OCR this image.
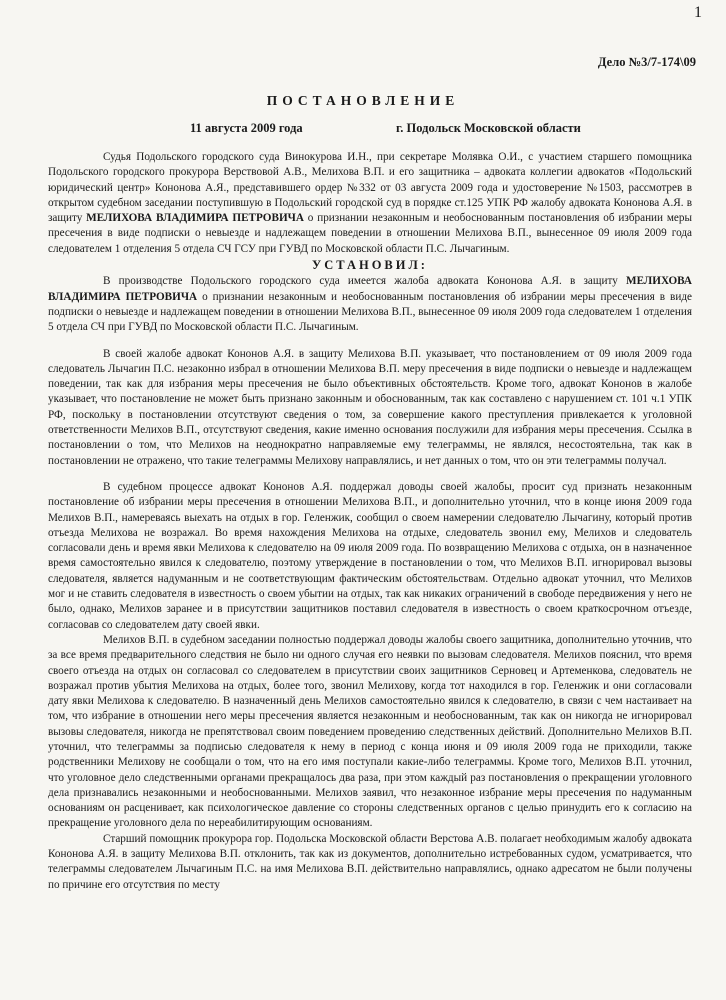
1
Дело №3/7-174\09
ПОСТАНОВЛЕНИЕ
11 августа 2009 года	г. Подольск Московской области

Судья Подольского городского суда Винокурова И.Н., при секретаре Молявка О.И., с участием старшего помощника Подольского городского прокурора Верствовой А.В., Мелихова В.П. и его защитника – адвоката коллегии адвокатов «Подольский юридический центр» Кононова А.Я., представившего ордер №332 от 03 августа 2009 года и удостоверение №1503, рассмотрев в открытом судебном заседании поступившую в Подольский городской суд в порядке ст.125 УПК РФ жалобу адвоката Кононова А.Я. в защиту МЕЛИХОВА ВЛАДИМИРА ПЕТРОВИЧА о признании незаконным и необоснованным постановления об избрании меры пресечения в виде подписки о невыезде и надлежащем поведении в отношении Мелихова В.П., вынесенное 09 июля 2009 года следователем 1 отделения 5 отдела СЧ ГСУ при ГУВД по Московской области П.С. Лычагиным.

УСТАНОВИЛ:

В производстве Подольского городского суда имеется жалоба адвоката Кононова А.Я. в защиту МЕЛИХОВА ВЛАДИМИРА ПЕТРОВИЧА о признании незаконным и необоснованным постановления об избрании меры пресечения в виде подписки о невыезде и надлежащем поведении в отношении Мелихова В.П., вынесенное 09 июля 2009 года следователем 1 отделения 5 отдела СЧ при ГУВД по Московской области П.С. Лычагиным.

В своей жалобе адвокат Кононов А.Я. в защиту Мелихова В.П. указывает, что постановлением от 09 июля 2009 года следователь Лычагин П.С. незаконно избрал в отношении Мелихова В.П. меру пресечения в виде подписки о невыезде и надлежащем поведении, так как для избрания меры пресечения не было объективных обстоятельств. Кроме того, адвокат Кононов в жалобе указывает, что постановление не может быть признано законным и обоснованным, так как составлено с нарушением ст. 101 ч.1 УПК РФ, поскольку в постановлении отсутствуют сведения о том, за совершение какого преступления привлекается к уголовной ответственности Мелихов В.П., отсутствуют сведения, какие именно основания послужили для избрания меры пресечения. Ссылка в постановлении о том, что Мелихов на неоднократно направляемые ему телеграммы, не являлся, несостоятельна, так как в постановлении не отражено, что такие телеграммы Мелихову направлялись, и нет данных о том, что он эти телеграммы получал.

В судебном процессе адвокат Кононов А.Я. поддержал доводы своей жалобы, просит суд признать незаконным постановление об избрании меры пресечения в отношении Мелихова В.П., и дополнительно уточнил, что в конце июня 2009 года Мелихов В.П., намереваясь выехать на отдых в гор. Геленжик, сообщил о своем намерении следователю Лычагину, который против отъезда Мелихова не возражал. Во время нахождения Мелихова на отдыхе, следователь звонил ему, Мелихов и следователь согласовали день и время явки Мелихова к следователю на 09 июля 2009 года. По возвращению Мелихова с отдыха, он в назначенное время самостоятельно явился к следователю, поэтому утверждение в постановлении о том, что Мелихов В.П. игнорировал вызовы следователя, является надуманным и не соответствующим фактическим обстоятельствам. Отдельно адвокат уточнил, что Мелихов мог и не ставить следователя в известность о своем убытии на отдых, так как никаких ограничений в свободе передвижения у него не было, однако, Мелихов заранее и в присутствии защитников поставил следователя в известность о своем краткосрочном отъезде, согласовав со следователем дату своей явки.

Мелихов В.П. в судебном заседании полностью поддержал доводы жалобы своего защитника, дополнительно уточнив, что за все время предварительного следствия не было ни одного случая его неявки по вызовам следователя. Мелихов пояснил, что время своего отъезда на отдых он согласовал со следователем в присутствии своих защитников Серновец и Артеменкова, следователь не возражал против убытия Мелихова на отдых, более того, звонил Мелихову, когда тот находился в гор. Геленжик и они согласовали дату явки Мелихова к следователю. В назначенный день Мелихов самостоятельно явился к следователю, в связи с чем настаивает на том, что избрание в отношении него меры пресечения является незаконным и необоснованным, так как он никогда не игнорировал вызовы следователя, никогда не препятствовал своим поведением проведению следственных действий. Дополнительно Мелихов В.П. уточнил, что телеграммы за подписью следователя к нему в период с конца июня и 09 июля 2009 года не приходили, также родственники Мелихову не сообщали о том, что на его имя поступали какие-либо телеграммы. Кроме того, Мелихов В.П. уточнил, что уголовное дело следственными органами прекращалось два раза, при этом каждый раз постановления о прекращении уголовного дела признавались незаконными и необоснованными. Мелихов заявил, что незаконное избрание меры пресечения по надуманным основаниям он расценивает, как психологическое давление со стороны следственных органов с целью принудить его к согласию на прекращение уголовного дела по нереабилитирующим основаниям.

Старший помощник прокурора гор. Подольска Московской области Верстова А.В. полагает необходимым жалобу адвоката Кононова А.Я. в защиту Мелихова В.П. отклонить, так как из документов, дополнительно истребованных судом, усматривается, что телеграммы следователем Лычагиным П.С. на имя Мелихова В.П. действительно направлялись, однако адресатом не были получены по причине его отсутствия по месту
